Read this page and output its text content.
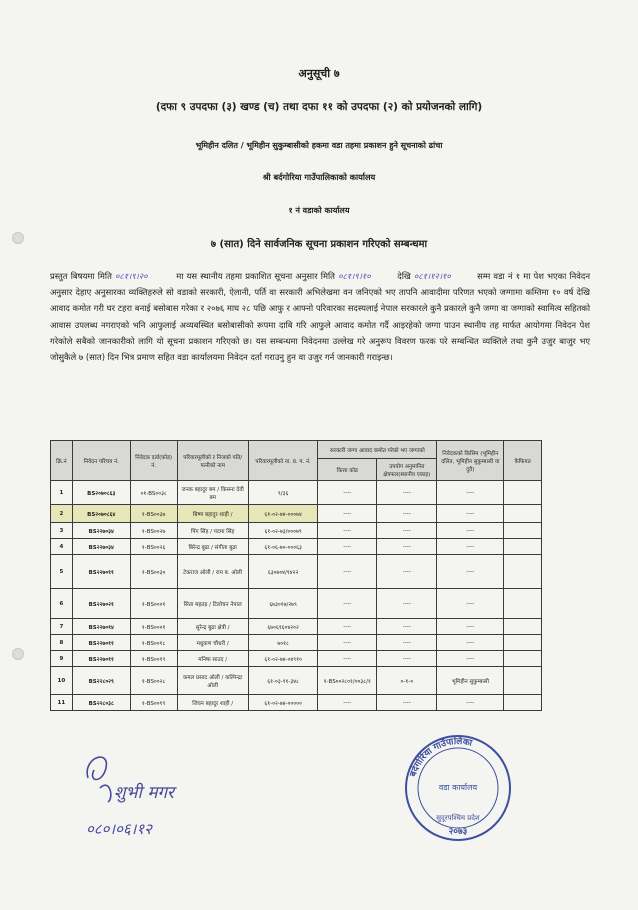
अनुसूची ७
(दफा ९ उपदफा (३) खण्ड (च) तथा दफा ११ को उपदफा (२) को प्रयोजनको लागि)
भूमिहीन दलित / भूमिहीन सुकुम्बासीको हकमा वडा तहमा प्रकाशन हुने सूचनाको ढांचा
श्री बर्दगोरिया गाउँपालिकाको कार्यालय
१ नं वडाको कार्यालय
७ (सात) दिने सार्वजनिक सूचना प्रकाशन गरिएको सम्बन्धमा
प्रस्तुत बिषयमा मिति ०८१।९।२०	मा यस स्थानीय तहमा प्रकाशित सूचना अनुसार मिति ०८१।९।१०	देखि ०८१।१२।१०	सम्म वडा नं १ मा पेश भएका निवेदन अनुसार देहाए अनुसारका व्यक्तिहरुले सो वडाको सरकारी, ऐलानी, पर्ति वा सरकारी अभिलेखमा वन जनिएको भए तापनि आवादीमा परिणत भएको जग्गामा कम्तिमा १० वर्ष देखि आवाद कमोत गरी घर टहरा बनाई बसोबास गरेका र २०७६ माघ २८ पछि आफु र आफ्नो परिवारका सदस्यलाई नेपाल सरकारले कुनै प्रकारले कुनै जग्गा वा जग्गाको स्वामित्व सहितको आवास उपलब्ध नगराएको भनि आफुलाई अव्यबस्थित बसोबासीको रूपमा दाबि गरि आफुले आवाद कमोत गर्दै आइरहेको जग्गा पाउन स्थानीय तह मार्फत आयोगमा निवेदन पेश गरेकोले सबैको जानकारीको लागि यो सूचना प्रकाशन गरिएको छ। यस सम्बन्धमा निवेदनमा उल्लेख गरे अनुरूप विवरण फरक परे सम्बन्धित व्यक्तिले तथा कुनै उजुर बाजुर भए जोसुकैले ७ (सात) दिन भित्र प्रमाण सहित वडा कार्यालयमा निवेदन दर्ता गराउनु हुन वा उजुर गर्न जानकारी गराइन्छ।
क्रि.नं	निवेदन परिचय नं.	निवेदक दर्ता(कोड) नं.	परिवारमूलीको र निजको पति/पत्नीको नाम	परिवारमूलीको ना. प्र. प. नं.	सरकारी जग्गा आवाद कमोत गरेको भए जग्गाको		निवेदकको किसिम (भूमिहीन दलित, भूमिहीन सुकुम्बासी वा दुवै)	कैफियत
					कित्ता कोड	उपयोग अनुमानित क्षेत्रफल(स्थानीय एकाइ)		
1	BS२०७०८६३	०१-BS००३८	जनक बहादुर बम / किसना देवी बम	९/३६	----	----	----	
2	BS२०७०८६४	१-BS००३७	बिष्ण बहादुर शाही /	६१-०२-७४-०००७४	----	----	----	
3	BS२२७०३४	१-BS००२७	पिंग सिंह / पदमा सिंह	६१-०२-७३/०००७९	----	----	----	
4	BS२२७०३४	१-BS००२६	बिरेन्द्र बुढा / संगीता बुढा	६१-०६-७०-०००६३	----	----	----	
5	BS२२७०११	१-BS००३०	टेकराज ओली / राम ब. ओली	६३०७०४/१४२२	----	----	----	
6	BS२२७०२१	१-BS०००१	सिता महतड़ / टिलोचन नेपाल	६७३०१७/२७९	----	----	----	
7	BS२२७०१४	१-BS०००१	सुरेन्द्र बुढा क्षेत्री /	६७०६१६०४२०२	----	----	----	
8	BS२२७०११	१-BS००१८	मधुकण चौधरी /	७०१८	----	----	----	
9	BS२२७०११	१-BS००१९	मनिषा साउद /	६१-०२-७४-०४९१०	----	----	----	
10	BS२२८०२९	१-BS००२८	कमल प्रसाद ओली / कल्पिन्द्रा ओली	६१-०३-९१-३४८	१-BS००२८०१/००३८/१	०-१-०	भूमिहीन सुकुम्बासी	
11	BS२२८०३८	१-BS००१९	जिवन बहादुर शाही /	६१-०२-७४-०००००	----	----	----	
शुभी मगर
०८०।०६।१२
बर्दगोरिया गाउँपालिका
वडा कार्यालय
सुदूरपश्चिम प्रदेश
२०७३
